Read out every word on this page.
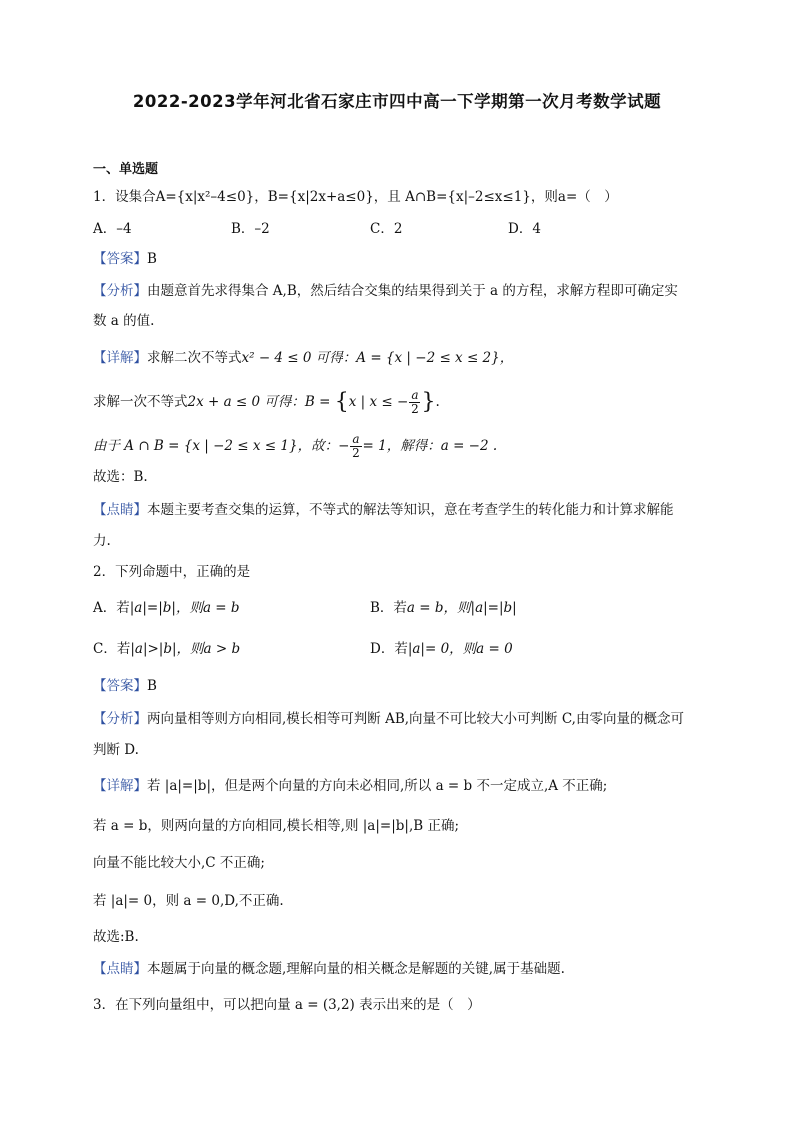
2022-2023学年河北省石家庄市四中高一下学期第一次月考数学试题
一、单选题
1．设集合A={x|x²–4≤0}，B={x|2x+a≤0}，且 A∩B={x|–2≤x≤1}，则a=（　）
A．–4	B．–2	C．2	D．4
【答案】B
【分析】由题意首先求得集合 A,B，然后结合交集的结果得到关于 a 的方程，求解方程即可确定实
数 a 的值.
【详解】求解二次不等式x² − 4 ≤ 0 可得：A = {x | −2 ≤ x ≤ 2}，
求解一次不等式2x + a ≤ 0 可得：B = {x | x ≤ − $\frac{a}{2}$ }.
由于 A ∩ B = {x | −2 ≤ x ≤ 1}，故：− $\frac{a}{2} = 1$，解得：a = −2 .
故选：B.
【点睛】本题主要考查交集的运算，不等式的解法等知识，意在考查学生的转化能力和计算求解能
力.
2．下列命题中，正确的是
A．若|a|=|b|，则a = b	B．若a = b，则|a|=|b|
C．若|a|>|b|，则a > b	D．若|a|= 0，则a = 0
【答案】B
【分析】两向量相等则方向相同,模长相等可判断 AB,向量不可比较大小可判断 C,由零向量的概念可
判断 D.
【详解】若 |a|=|b|，但是两个向量的方向未必相同,所以 a = b 不一定成立,A 不正确;
若 a = b，则两向量的方向相同,模长相等,则 |a|=|b|,B 正确;
向量不能比较大小,C 不正确;
若 |a|= 0，则 a = 0,D,不正确.
故选:B.
【点睛】本题属于向量的概念题,理解向量的相关概念是解题的关键,属于基础题.
3．在下列向量组中，可以把向量 a = (3,2) 表示出来的是（　）
